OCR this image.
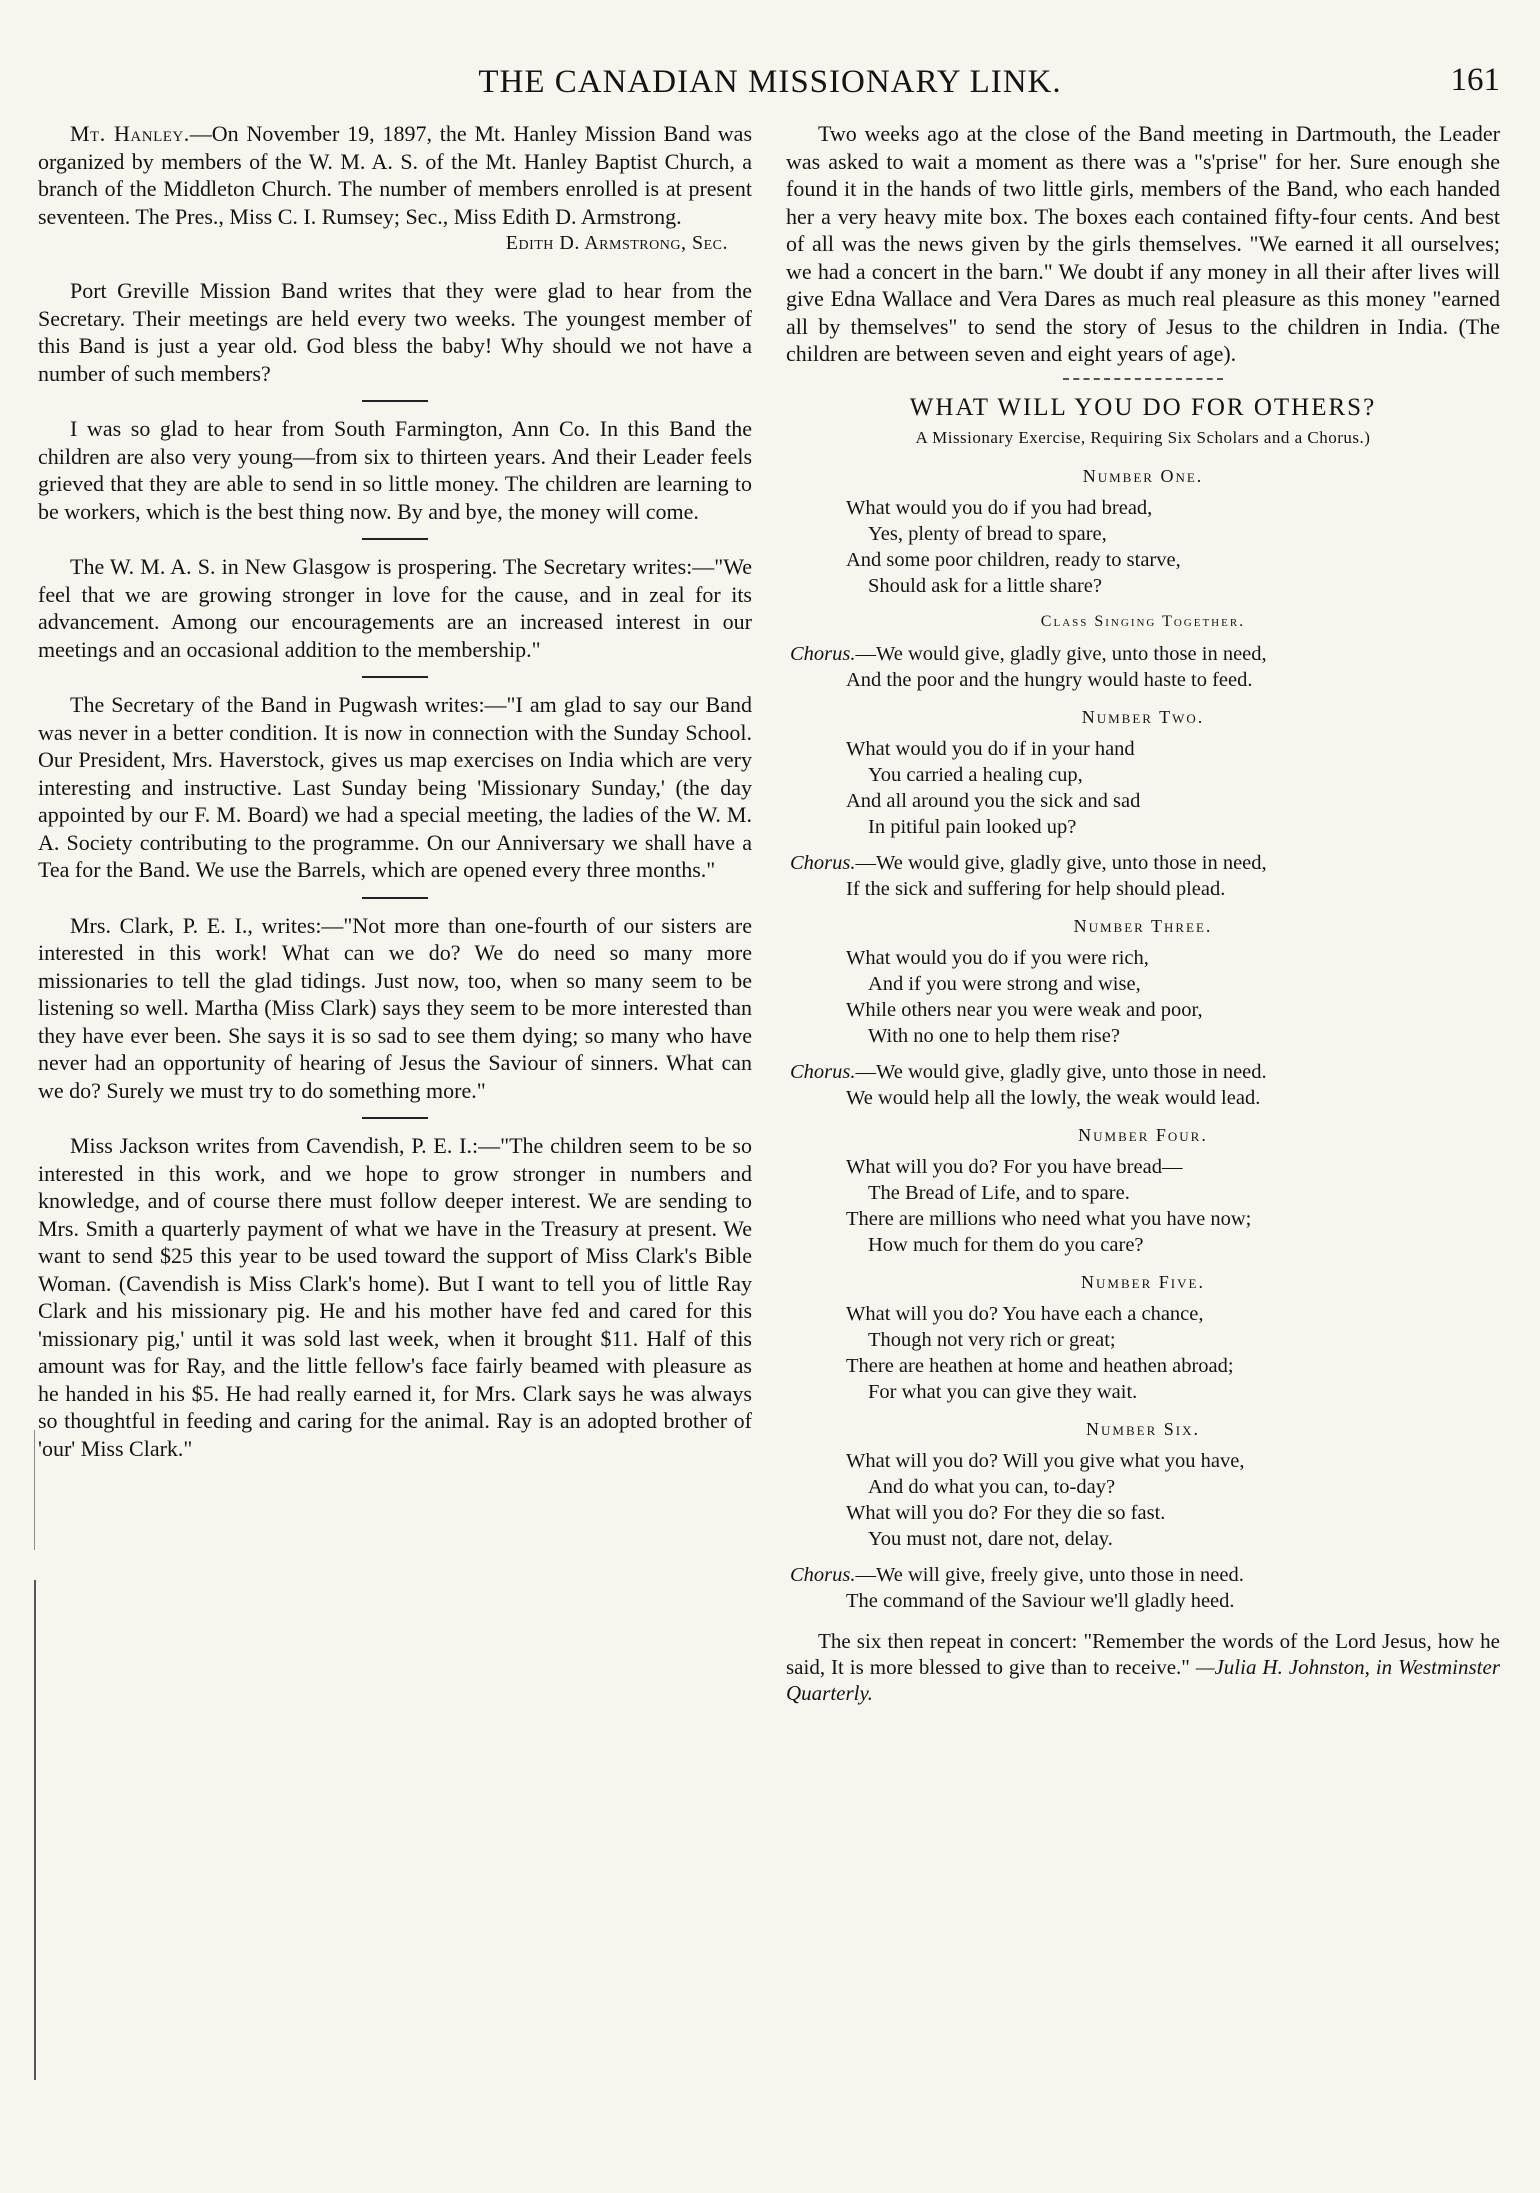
THE CANADIAN MISSIONARY LINK.	161

Mt. Hanley.—On November 19, 1897, the Mt. Hanley Mission Band was organized by members of the W. M. A. S. of the Mt. Hanley Baptist Church, a branch of the Middleton Church. The number of members enrolled is at present seventeen. The Pres., Miss C. I. Rumsey; Sec., Miss Edith D. Armstrong.

Edith D. Armstrong, Sec.

Port Greville Mission Band writes that they were glad to hear from the Secretary. Their meetings are held every two weeks. The youngest member of this Band is just a year old. God bless the baby! Why should we not have a number of such members?

I was so glad to hear from South Farmington, Ann Co. In this Band the children are also very young—from six to thirteen years. And their Leader feels grieved that they are able to send in so little money. The children are learning to be workers, which is the best thing now. By and bye, the money will come.

The W. M. A. S. in New Glasgow is prospering. The Secretary writes:—"We feel that we are growing stronger in love for the cause, and in zeal for its advancement. Among our encouragements are an increased interest in our meetings and an occasional addition to the membership."

The Secretary of the Band in Pugwash writes:—"I am glad to say our Band was never in a better condition. It is now in connection with the Sunday School. Our President, Mrs. Haverstock, gives us map exercises on India which are very interesting and instructive. Last Sunday being 'Missionary Sunday,' (the day appointed by our F. M. Board) we had a special meeting, the ladies of the W. M. A. Society contributing to the programme. On our Anniversary we shall have a Tea for the Band. We use the Barrels, which are opened every three months."

Mrs. Clark, P. E. I., writes:—"Not more than one-fourth of our sisters are interested in this work! What can we do? We do need so many more missionaries to tell the glad tidings. Just now, too, when so many seem to be listening so well. Martha (Miss Clark) says they seem to be more interested than they have ever been. She says it is so sad to see them dying; so many who have never had an opportunity of hearing of Jesus the Saviour of sinners. What can we do? Surely we must try to do something more."

Miss Jackson writes from Cavendish, P. E. I.:—"The children seem to be so interested in this work, and we hope to grow stronger in numbers and knowledge, and of course there must follow deeper interest. We are sending to Mrs. Smith a quarterly payment of what we have in the Treasury at present. We want to send $25 this year to be used toward the support of Miss Clark's Bible Woman. (Cavendish is Miss Clark's home). But I want to tell you of little Ray Clark and his missionary pig. He and his mother have fed and cared for this 'missionary pig,' until it was sold last week, when it brought $11. Half of this amount was for Ray, and the little fellow's face fairly beamed with pleasure as he handed in his $5. He had really earned it, for Mrs. Clark says he was always so thoughtful in feeding and caring for the animal. Ray is an adopted brother of 'our' Miss Clark."

Two weeks ago at the close of the Band meeting in Dartmouth, the Leader was asked to wait a moment as there was a "s'prise" for her. Sure enough she found it in the hands of two little girls, members of the Band, who each handed her a very heavy mite box. The boxes each contained fifty-four cents. And best of all was the news given by the girls themselves. "We earned it all ourselves; we had a concert in the barn." We doubt if any money in all their after lives will give Edna Wallace and Vera Dares as much real pleasure as this money "earned all by themselves" to send the story of Jesus to the children in India. (The children are between seven and eight years of age).

WHAT WILL YOU DO FOR OTHERS?
A Missionary Exercise, Requiring Six Scholars and a Chorus.)
Number One.
What would you do if you had bread,
Yes, plenty of bread to spare,
And some poor children, ready to starve,
Should ask for a little share?
Class Singing Together.
Chorus.—We would give, gladly give, unto those in need,
And the poor and the hungry would haste to feed.
Number Two.
What would you do if in your hand
You carried a healing cup,
And all around you the sick and sad
In pitiful pain looked up?
Chorus.—We would give, gladly give, unto those in need,
If the sick and suffering for help should plead.
Number Three.
What would you do if you were rich,
And if you were strong and wise,
While others near you were weak and poor,
With no one to help them rise?
Chorus.—We would give, gladly give, unto those in need.
We would help all the lowly, the weak would lead.
Number Four.
What will you do? For you have bread—
The Bread of Life, and to spare.
There are millions who need what you have now;
How much for them do you care?
Number Five.
What will you do? You have each a chance,
Though not very rich or great;
There are heathen at home and heathen abroad;
For what you can give they wait.
Number Six.
What will you do? Will you give what you have,
And do what you can, to-day?
What will you do? For they die so fast.
You must not, dare not, delay.
Chorus.—We will give, freely give, unto those in need.
The command of the Saviour we'll gladly heed.

The six then repeat in concert: "Remember the words of the Lord Jesus, how he said, It is more blessed to give than to receive." —Julia H. Johnston, in Westminster Quarterly.
